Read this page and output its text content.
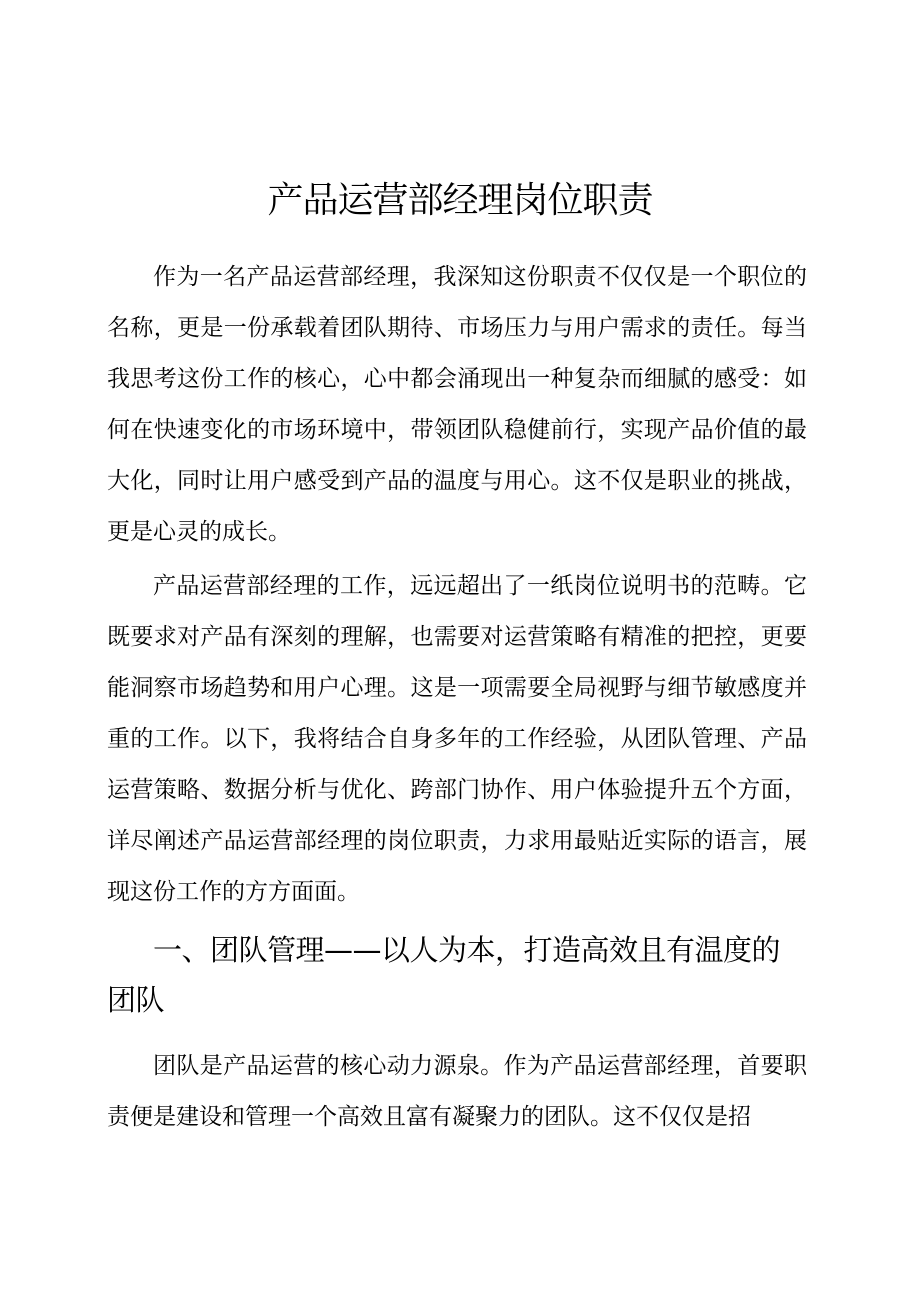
产品运营部经理岗位职责

作为一名产品运营部经理，我深知这份职责不仅仅是一个职位的名称，更是一份承载着团队期待、市场压力与用户需求的责任。每当我思考这份工作的核心，心中都会涌现出一种复杂而细腻的感受：如何在快速变化的市场环境中，带领团队稳健前行，实现产品价值的最大化，同时让用户感受到产品的温度与用心。这不仅是职业的挑战，更是心灵的成长。

产品运营部经理的工作，远远超出了一纸岗位说明书的范畴。它既要求对产品有深刻的理解，也需要对运营策略有精准的把控，更要能洞察市场趋势和用户心理。这是一项需要全局视野与细节敏感度并重的工作。以下，我将结合自身多年的工作经验，从团队管理、产品运营策略、数据分析与优化、跨部门协作、用户体验提升五个方面，详尽阐述产品运营部经理的岗位职责，力求用最贴近实际的语言，展现这份工作的方方面面。

一、团队管理——以人为本，打造高效且有温度的团队

团队是产品运营的核心动力源泉。作为产品运营部经理，首要职责便是建设和管理一个高效且富有凝聚力的团队。这不仅仅是招
